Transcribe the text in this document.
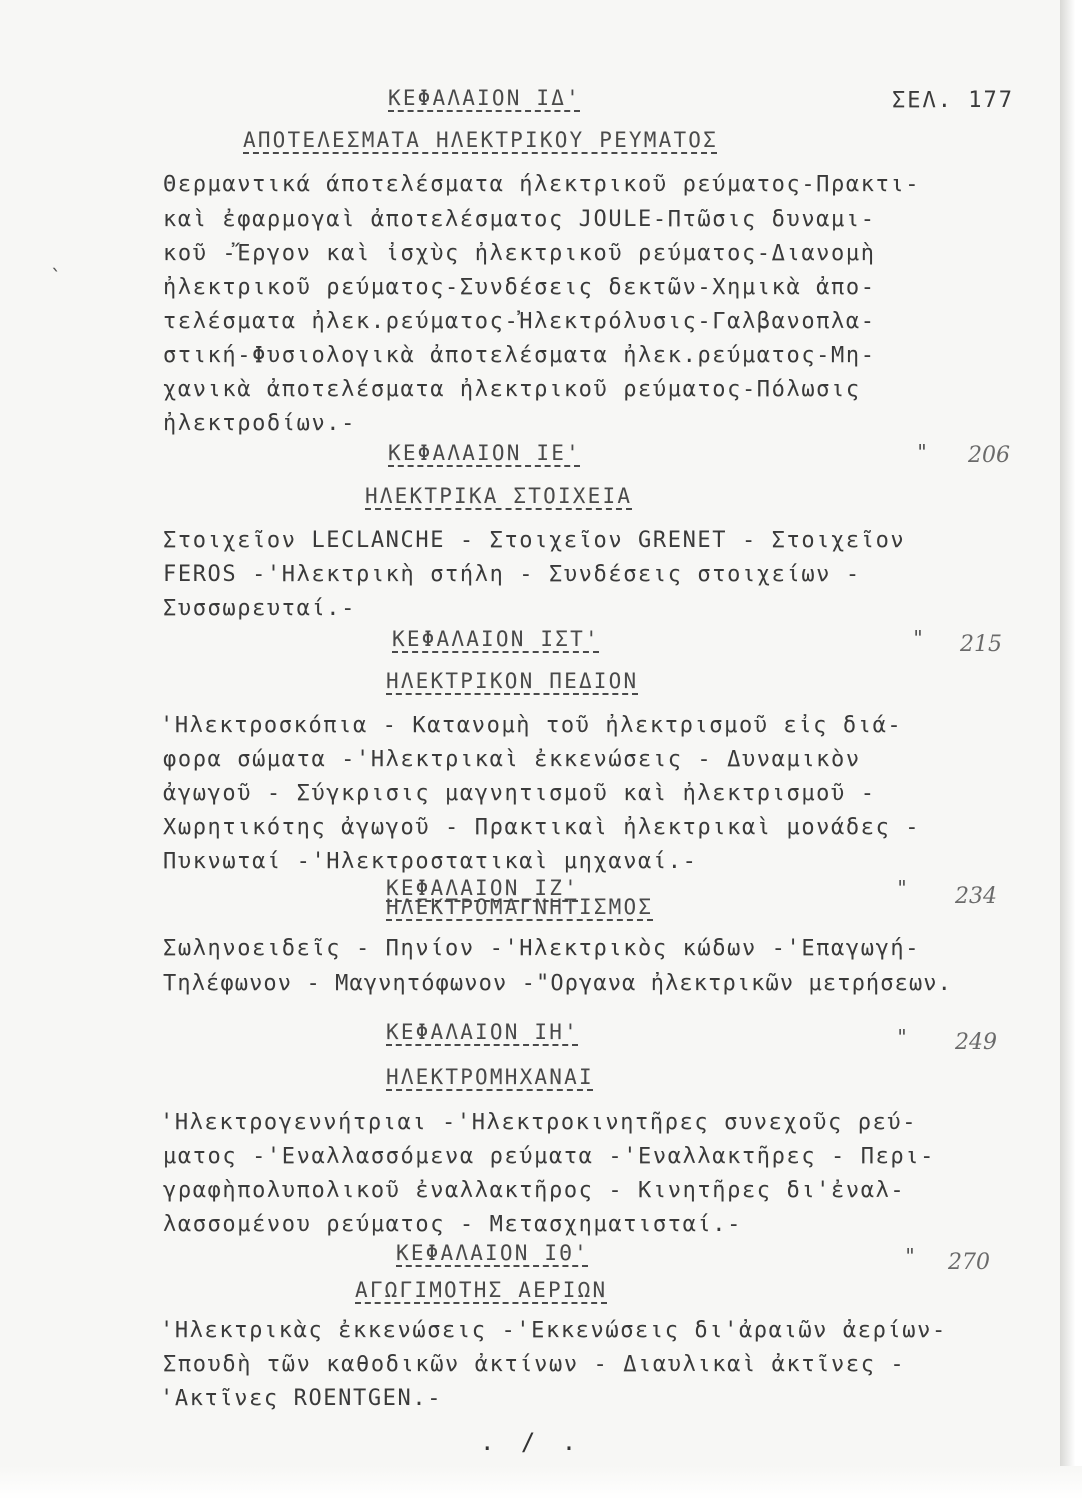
ΣΕΛ. 177
`
ΚΕΦΑΛΑΙΟΝ ΙΔ'
ΑΠΟΤΕΛΕΣΜΑΤΑ ΗΛΕΚΤΡΙΚΟΥ ΡΕΥΜΑΤΟΣ
Θερμαντικά άποτελέσματα ήλεκτρικοῦ ρεύματος-Πρακτι-
καὶ ἐφαρμογαὶ ἀποτελέσματος JOULE-Πτῶσις δυναμι-
κοῦ -Ἔργον καὶ ἰσχὺς ἠλεκτρικοῦ ρεύματος-Διανομὴ
ἠλεκτρικοῦ ρεύματος-Συνδέσεις δεκτῶν-Χημικὰ ἀπο-
τελέσματα ἠλεκ.ρεύματος-Ἠλεκτρόλυσις-Γαλβανοπλα-
στική-Φυσιολογικὰ ἀποτελέσματα ἠλεκ.ρεύματος-Μη-
χανικὰ ἀποτελέσματα ἠλεκτρικοῦ ρεύματος-Πόλωσις
ἠλεκτροδίων.-
ΚΕΦΑΛΑΙΟΝ ΙΕ'	" 206
ΗΛΕΚΤΡΙΚΑ ΣΤΟΙΧΕΙΑ
Στοιχεῖον LECLANCHE - Στοιχεῖον GRENET - Στοιχεῖον
FEROS -'Ηλεκτρικὴ στήλη - Συνδέσεις στοιχείων -
Συσσωρευταί.-
ΚΕΦΑΛΑΙΟΝ ΙΣΤ'	" 215
ΗΛΕΚΤΡΙΚΟΝ ΠΕΔΙΟΝ
'Ηλεκτροσκόπια - Κατανομὴ τοῦ ἠλεκτρισμοῦ εἰς διά-
φορα σώματα -'Ηλεκτρικαὶ ἐκκενώσεις - Δυναμικὸν
ἀγωγοῦ - Σύγκρισις μαγνητισμοῦ καὶ ἠλεκτρισμοῦ -
Χωρητικότης ἀγωγοῦ - Πρακτικαὶ ἠλεκτρικαὶ μονάδες -
Πυκνωταί -'Ηλεκτροστατικαὶ μηχαναί.-
ΚΕΦΑΛΑΙΟΝ ΙΖ'	" 234
ΗΛΕΚΤΡΟΜΑΓΝΗΤΙΣΜΟΣ
Σωληνοειδεῖς - Πηνίον -'Ηλεκτρικὸς κώδων -'Επαγωγή-
Τηλέφωνον - Μαγνητόφωνον -"Οργανα ἠλεκτρικῶν μετρήσεων.
ΚΕΦΑΛΑΙΟΝ ΙΗ'	" 249
ΗΛΕΚΤΡΟΜΗΧΑΝΑΙ
'Ηλεκτρογεννήτριαι -'Ηλεκτροκινητῆρες συνεχοῦς ρεύ-
ματος -'Εναλλασσόμενα ρεύματα -'Εναλλακτῆρες - Περι-
γραφὴπολυπολικοῦ ἐναλλακτῆρος - Κινητῆρες δι'ἐναλ-
λασσομένου ρεύματος - Μετασχηματισταί.-
ΚΕΦΑΛΑΙΟΝ ΙΘ'	" 270
ΑΓΩΓΙΜΟΤΗΣ ΑΕΡΙΩΝ
'Ηλεκτρικὰς ἐκκενώσεις -'Εκκενώσεις δι'ἀραιῶν ἀερίων-
Σπουδὴ τῶν καθοδικῶν ἀκτίνων - Διαυλικαὶ ἀκτῖνες -
'Ακτῖνες ROENTGEN.-
. / .
